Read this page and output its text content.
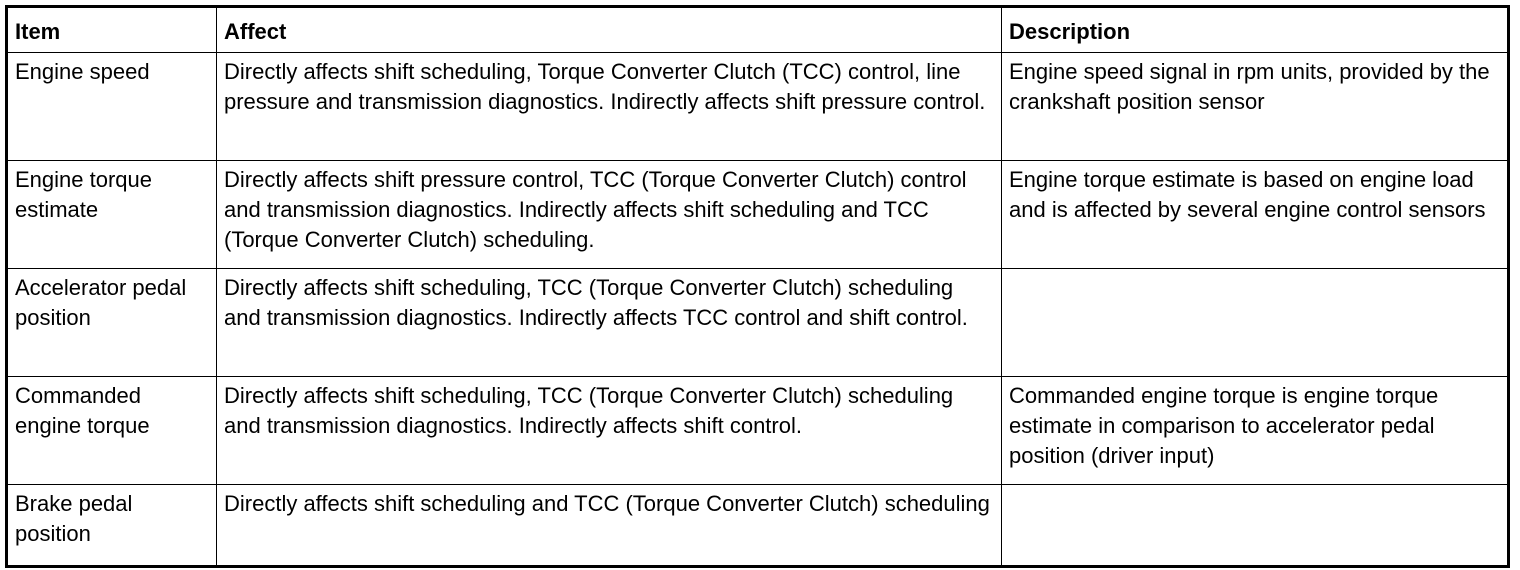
Item	Affect	Description
Engine speed	Directly affects shift scheduling, Torque Converter Clutch (TCC) control, line pressure and transmission diagnostics. Indirectly affects shift pressure control.	Engine speed signal in rpm units, provided by the crankshaft position sensor
Engine torque estimate	Directly affects shift pressure control, TCC (Torque Converter Clutch) control and transmission diagnostics. Indirectly affects shift scheduling and TCC (Torque Converter Clutch) scheduling.	Engine torque estimate is based on engine load and is affected by several engine control sensors
Accelerator pedal position	Directly affects shift scheduling, TCC (Torque Converter Clutch) scheduling and transmission diagnostics. Indirectly affects TCC control and shift control.	
Commanded engine torque	Directly affects shift scheduling, TCC (Torque Converter Clutch) scheduling and transmission diagnostics. Indirectly affects shift control.	Commanded engine torque is engine torque estimate in comparison to accelerator pedal position (driver input)
Brake pedal position	Directly affects shift scheduling and TCC (Torque Converter Clutch) scheduling	
